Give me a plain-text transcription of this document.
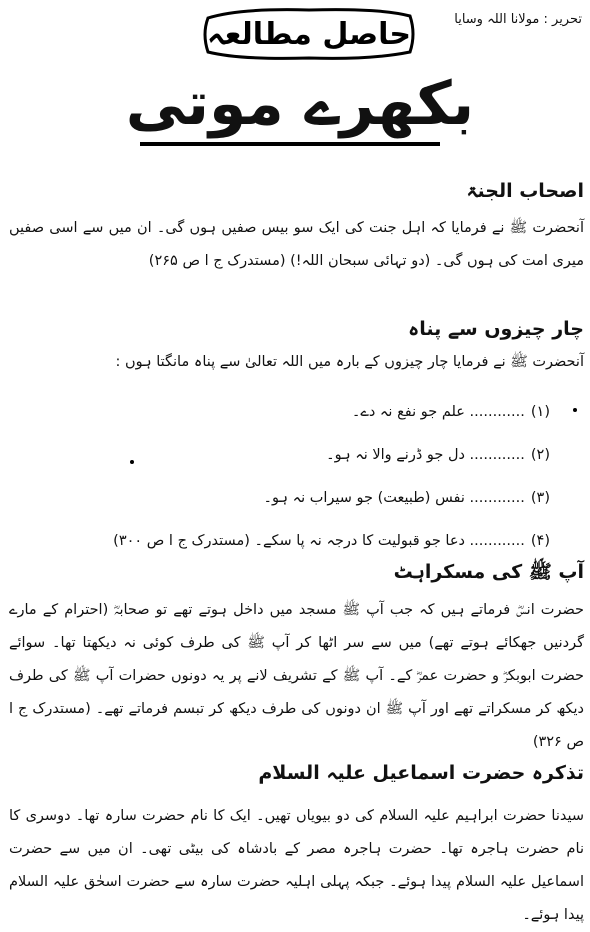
تحریر : مولانا اللہ وسایا
حاصل مطالعہ
بکھرے موتی
اصحاب الجنۃ
آنحضرت ﷺ نے فرمایا کہ اہل جنت کی ایک سو بیس صفیں ہوں گی۔ ان میں سے اسی صفیں میری امت کی ہوں گی۔ (دو تہائی سبحان اللہ!) (مستدرک ج ا ص ۲۶۵)
چار چیزوں سے پناہ
آنحضرت ﷺ نے فرمایا چار چیزوں کے بارہ میں اللہ تعالیٰ سے پناہ مانگتا ہوں :
(۱)
............ علم جو نفع نہ دے۔
(۲)
............ دل جو ڈرنے والا نہ ہو۔
(۳)
............ نفس (طبیعت) جو سیراب نہ ہو۔
(۴)
............ دعا جو قبولیت کا درجہ نہ پا سکے۔ (مستدرک ج ا ص ۳۰۰)
آپ ﷺ کی مسکراہٹ
حضرت انسؓ فرماتے ہیں کہ جب آپ ﷺ مسجد میں داخل ہوتے تھے تو صحابہؓ (احترام کے مارے گردنیں جھکائے ہوتے تھے) میں سے سر اٹھا کر آپ ﷺ کی طرف کوئی نہ دیکھتا تھا۔ سوائے حضرت ابوبکرؓ و حضرت عمرؓ کے۔ آپ ﷺ کے تشریف لانے پر یہ دونوں حضرات آپ ﷺ کی طرف دیکھ کر مسکراتے تھے اور آپ ﷺ ان دونوں کی طرف دیکھ کر تبسم فرماتے تھے۔ (مستدرک ج ا ص ۳۲۶)
تذکرہ حضرت اسماعیل علیہ السلام
سیدنا حضرت ابراہیم علیہ السلام کی دو بیویاں تھیں۔ ایک کا نام حضرت سارہ تھا۔ دوسری کا نام حضرت ہاجرہ تھا۔ حضرت ہاجرہ مصر کے بادشاہ کی بیٹی تھی۔ ان میں سے حضرت اسماعیل علیہ السلام پیدا ہوئے۔ جبکہ پہلی اہلیہ حضرت سارہ سے حضرت اسحٰق علیہ السلام پیدا ہوئے۔
